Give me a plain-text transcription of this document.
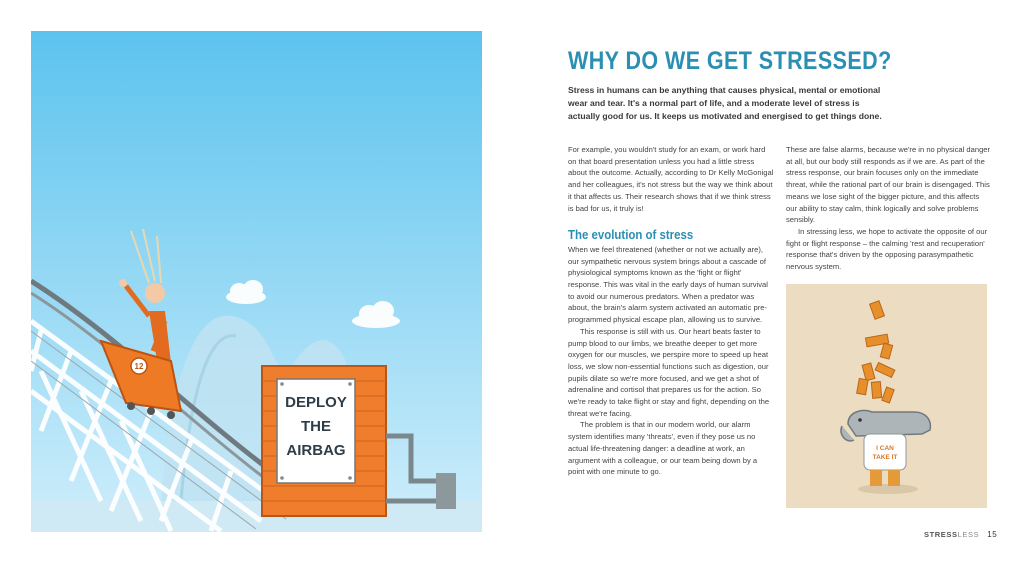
12
DEPLOY
THE
AIRBAG
WHY DO WE GET STRESSED?

Stress in humans can be anything that causes physical, mental or emotional wear and tear. It's a normal part of life, and a moderate level of stress is actually good for us. It keeps us motivated and energised to get things done.

For example, you wouldn't study for an exam, or work hard on that board presentation unless you had a little stress about the outcome. Actually, according to Dr Kelly McGonigal and her colleagues, it's not stress but the way we think about it that affects us. Their research shows that if we think stress is bad for us, it truly is!

The evolution of stress

When we feel threatened (whether or not we actually are), our sympathetic nervous system brings about a cascade of physiological symptoms known as the 'fight or flight' response. This was vital in the early days of human survival to avoid our numerous predators. When a predator was about, the brain's alarm system activated an automatic pre-programmed physical escape plan, allowing us to survive.

This response is still with us. Our heart beats faster to pump blood to our limbs, we breathe deeper to get more oxygen for our muscles, we perspire more to speed up heat loss, we slow non-essential functions such as digestion, our pupils dilate so we're more focused, and we get a shot of adrenaline and cortisol that prepares us for the action. So we're ready to take flight or stay and fight, depending on the threat we're facing.

The problem is that in our modern world, our alarm system identifies many 'threats', even if they pose us no actual life-threatening danger: a deadline at work, an argument with a colleague, or our team being down by a point with one minute to go.

These are false alarms, because we're in no physical danger at all, but our body still responds as if we are. As part of the stress response, our brain focuses only on the immediate threat, while the rational part of our brain is disengaged. This means we lose sight of the bigger picture, and this affects our ability to stay calm, think logically and solve problems sensibly.

In stressing less, we hope to activate the opposite of our fight or flight response – the calming 'rest and recuperation' response that's driven by the opposing parasympathetic nervous system.

I CAN
TAKE IT
STRESSLESS 15
